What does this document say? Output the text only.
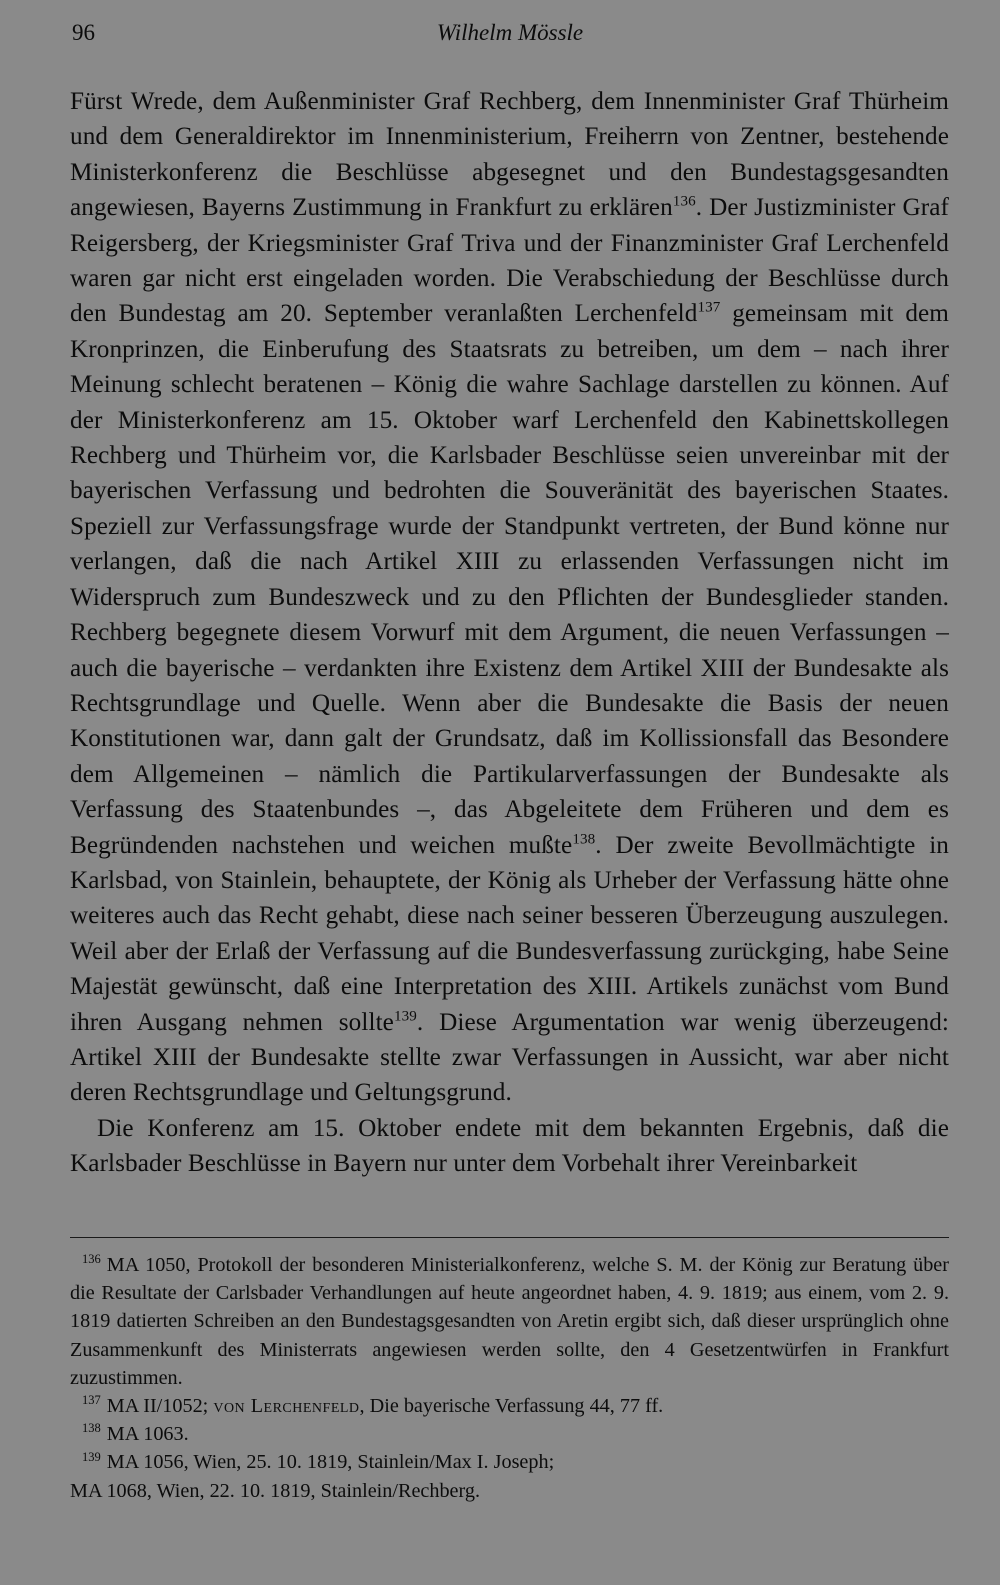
96	Wilhelm Mössle

Fürst Wrede, dem Außenminister Graf Rechberg, dem Innenminister Graf Thürheim und dem Generaldirektor im Innenministerium, Freiherrn von Zentner, bestehende Ministerkonferenz die Beschlüsse abgesegnet und den Bundestagsgesandten angewiesen, Bayerns Zustimmung in Frankfurt zu erklären$^{136}$. Der Justizminister Graf Reigersberg, der Kriegsminister Graf Triva und der Finanzminister Graf Lerchenfeld waren gar nicht erst eingeladen worden. Die Verabschiedung der Beschlüsse durch den Bundestag am 20. September veranlaßten Lerchenfeld$^{137}$ gemeinsam mit dem Kronprinzen, die Einberufung des Staatsrats zu betreiben, um dem – nach ihrer Meinung schlecht beratenen – König die wahre Sachlage darstellen zu können. Auf der Ministerkonferenz am 15. Oktober warf Lerchenfeld den Kabinettskollegen Rechberg und Thürheim vor, die Karlsbader Beschlüsse seien unvereinbar mit der bayerischen Verfassung und bedrohten die Souveränität des bayerischen Staates. Speziell zur Verfassungsfrage wurde der Standpunkt vertreten, der Bund könne nur verlangen, daß die nach Artikel XIII zu erlassenden Verfassungen nicht im Widerspruch zum Bundeszweck und zu den Pflichten der Bundesglieder standen. Rechberg begegnete diesem Vorwurf mit dem Argument, die neuen Verfassungen – auch die bayerische – verdankten ihre Existenz dem Artikel XIII der Bundesakte als Rechtsgrundlage und Quelle. Wenn aber die Bundesakte die Basis der neuen Konstitutionen war, dann galt der Grundsatz, daß im Kollissionsfall das Besondere dem Allgemeinen – nämlich die Partikularverfassungen der Bundesakte als Verfassung des Staatenbundes –, das Abgeleitete dem Früheren und dem es Begründenden nachstehen und weichen mußte$^{138}$. Der zweite Bevollmächtigte in Karlsbad, von Stainlein, behauptete, der König als Urheber der Verfassung hätte ohne weiteres auch das Recht gehabt, diese nach seiner besseren Überzeugung auszulegen. Weil aber der Erlaß der Verfassung auf die Bundesverfassung zurückging, habe Seine Majestät gewünscht, daß eine Interpretation des XIII. Artikels zunächst vom Bund ihren Ausgang nehmen sollte$^{139}$. Diese Argumentation war wenig überzeugend: Artikel XIII der Bundesakte stellte zwar Verfassungen in Aussicht, war aber nicht deren Rechtsgrundlage und Geltungsgrund.

Die Konferenz am 15. Oktober endete mit dem bekannten Ergebnis, daß die Karlsbader Beschlüsse in Bayern nur unter dem Vorbehalt ihrer Vereinbarkeit

$^{136}$ MA 1050, Protokoll der besonderen Ministerialkonferenz, welche S. M. der König zur Beratung über die Resultate der Carlsbader Verhandlungen auf heute angeordnet haben, 4. 9. 1819; aus einem, vom 2. 9. 1819 datierten Schreiben an den Bundestagsgesandten von Aretin ergibt sich, daß dieser ursprünglich ohne Zusammenkunft des Ministerrats angewiesen werden sollte, den 4 Gesetzentwürfen in Frankfurt zuzustimmen.

$^{137}$ MA II/1052; von Lerchenfeld, Die bayerische Verfassung 44, 77 ff.

$^{138}$ MA 1063.

$^{139}$ MA 1056, Wien, 25. 10. 1819, Stainlein/Max I. Joseph;

MA 1068, Wien, 22. 10. 1819, Stainlein/Rechberg.
